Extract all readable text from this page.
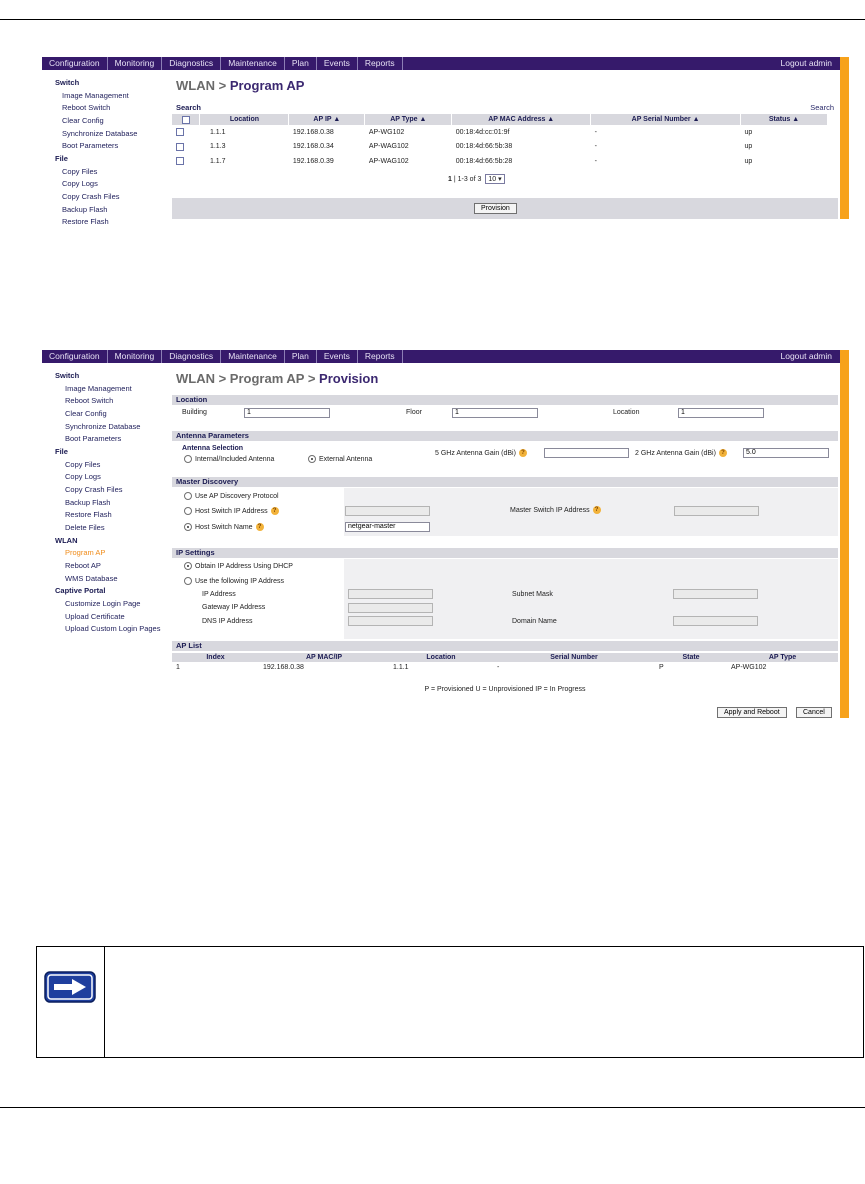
Configuration	Monitoring	Diagnostics	Maintenance	Plan	Events	Reports	Logout admin
Switch
Image Management
Reboot Switch
Clear Config
Synchronize Database
Boot Parameters
File
Copy Files
Copy Logs
Copy Crash Files
Backup Flash
Restore Flash
WLAN > Program AP
Search	Search
	Location	AP IP ▲	AP Type ▲	AP MAC Address ▲	AP Serial Number ▲	Status ▲
	1.1.1	192.168.0.38	AP-WG102	00:18:4d:cc:01:9f	-	up
	1.1.3	192.168.0.34	AP-WAG102	00:18:4d:66:5b:38	-	up
	1.1.7	192.168.0.39	AP-WAG102	00:18:4d:66:5b:28	-	up
1 | 1-3 of 3 10 ▾
Provision
Configuration	Monitoring	Diagnostics	Maintenance	Plan	Events	Reports	Logout admin
Switch
Image Management
Reboot Switch
Clear Config
Synchronize Database
Boot Parameters
File
Copy Files
Copy Logs
Copy Crash Files
Backup Flash
Restore Flash
Delete Files
WLAN
Program AP
Reboot AP
WMS Database
Captive Portal
Customize Login Page
Upload Certificate
Upload Custom Login Pages
WLAN > Program AP > Provision
Location
Building	1	Floor	1	Location	1
Antenna Parameters
Antenna Selection
Internal/Included Antenna	External Antenna
5 GHz Antenna Gain (dBi) ?	2 GHz Antenna Gain (dBi) ?	5.0
Master Discovery
Use AP Discovery Protocol
Host Switch IP Address ?	Master Switch IP Address ?
Host Switch Name ?	netgear-master
IP Settings
Obtain IP Address Using DHCP
Use the following IP Address
IP Address	Subnet Mask
Gateway IP Address
DNS IP Address	Domain Name
AP List
Index	AP MAC/IP	Location	Serial Number	State	AP Type
1	192.168.0.38	1.1.1	-	P	AP-WG102
P = Provisioned U = Unprovisioned IP = In Progress
Apply and Reboot	Cancel
